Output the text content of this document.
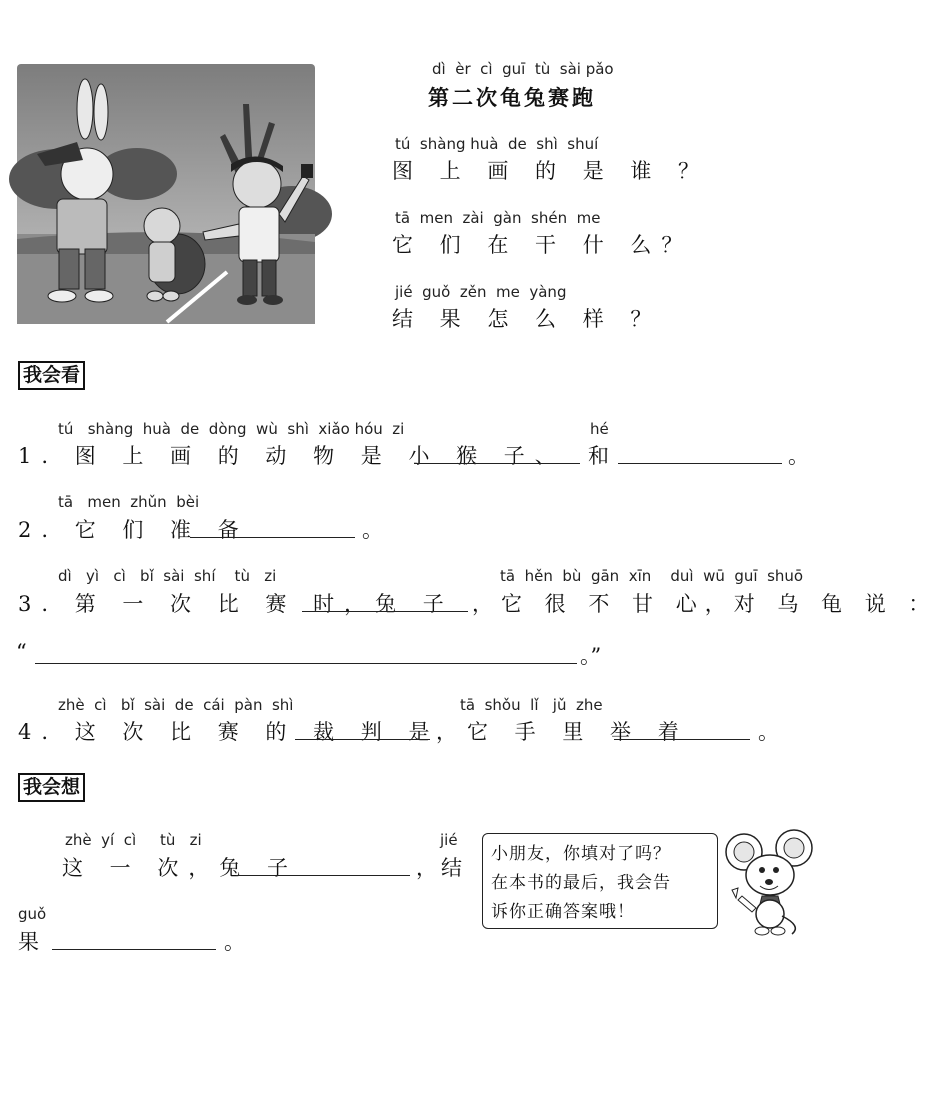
dì  èr  cì  guī  tù  sài pǎo
第二次龟兔赛跑
tú  shàng huà  de  shì  shuí
图 上 画 的 是 谁 ？
tā  men  zài  gàn  shén  me
它 们 在 干 什 么？
jié  guǒ  zěn  me  yàng
结 果 怎 么 样 ？
我会看
tú   shàng  huà  de  dòng  wù  shì  xiǎo hóu  zi	hé
1. 图 上 画 的 动 物 是 小 猴 子、 和	。
tā   men  zhǔn  bèi
2. 它 们 准 备	。
dì   yì   cì   bǐ  sài  shí    tù   zi	tā  hěn  bù  gān  xīn    duì  wū  guī  shuō
3. 第 一 次 比 赛 时，兔 子 ，它 很 不 甘 心，对 乌 龟 说 ：
“	。”
zhè  cì   bǐ  sài  de  cái  pàn  shì	tā  shǒu  lǐ   jǔ  zhe
4. 这 次 比 赛 的 裁 判 是
，它 手 里 举 着	。
我会想
zhè  yí  cì     tù   zi	jié
这 一 次，兔 子	，结
guǒ
果	。
小朋友，你填对了吗？
在本书的最后，我会告
诉你正确答案哦！
